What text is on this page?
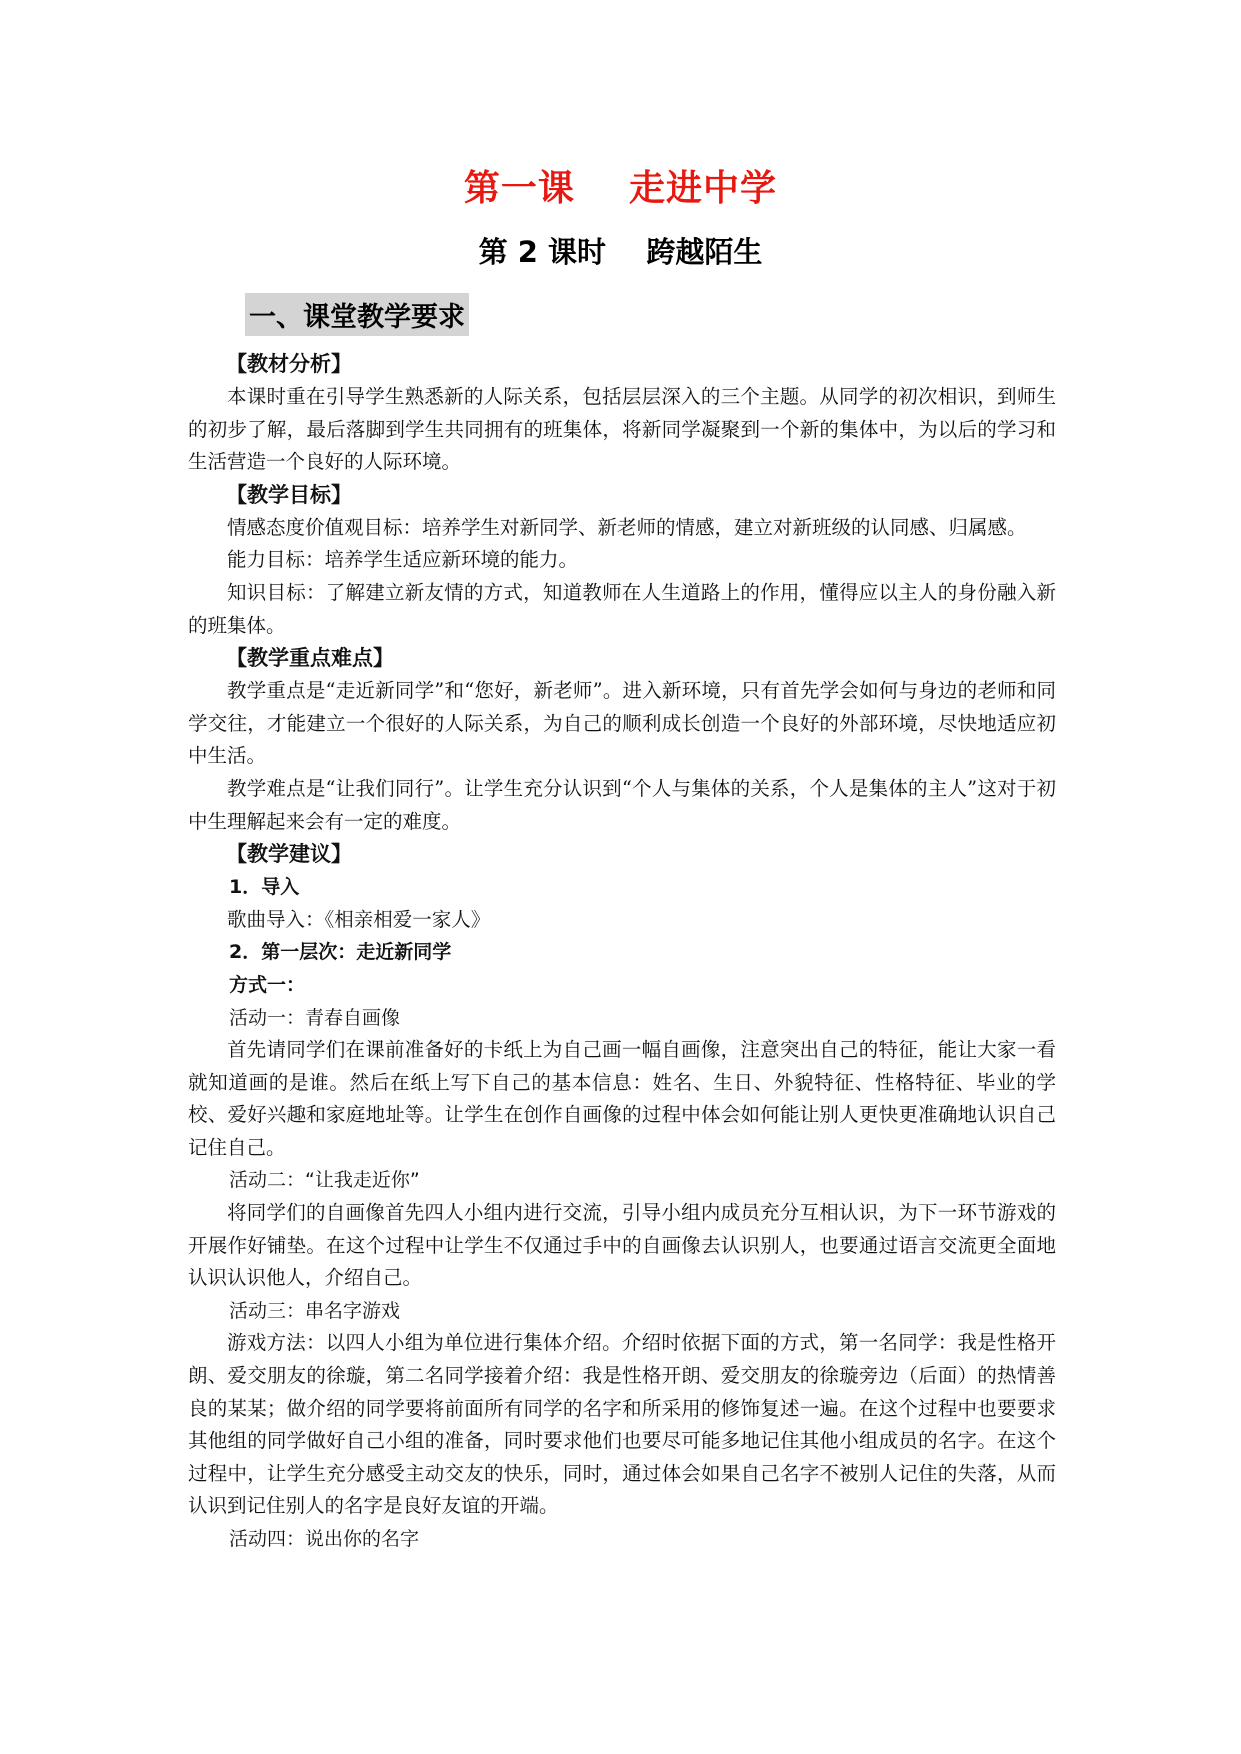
第一课    走进中学
第 2 课时    跨越陌生
一、课堂教学要求
【教材分析】
本课时重在引导学生熟悉新的人际关系，包括层层深入的三个主题。从同学的初次相识，到师生的初步了解，最后落脚到学生共同拥有的班集体，将新同学凝聚到一个新的集体中，为以后的学习和生活营造一个良好的人际环境。
【教学目标】
情感态度价值观目标：培养学生对新同学、新老师的情感，建立对新班级的认同感、归属感。
能力目标：培养学生适应新环境的能力。
知识目标：了解建立新友情的方式，知道教师在人生道路上的作用，懂得应以主人的身份融入新的班集体。
【教学重点难点】
教学重点是“走近新同学”和“您好，新老师”。进入新环境，只有首先学会如何与身边的老师和同学交往，才能建立一个很好的人际关系，为自己的顺利成长创造一个良好的外部环境，尽快地适应初中生活。
教学难点是“让我们同行”。让学生充分认识到“个人与集体的关系，个人是集体的主人”这对于初中生理解起来会有一定的难度。
【教学建议】
1．导入
歌曲导入：《相亲相爱一家人》
2．第一层次：走近新同学
方式一：
活动一：青春自画像
首先请同学们在课前准备好的卡纸上为自己画一幅自画像，注意突出自己的特征，能让大家一看就知道画的是谁。然后在纸上写下自己的基本信息：姓名、生日、外貌特征、性格特征、毕业的学校、爱好兴趣和家庭地址等。让学生在创作自画像的过程中体会如何能让别人更快更准确地认识自己记住自己。
活动二：“让我走近你”
将同学们的自画像首先四人小组内进行交流，引导小组内成员充分互相认识，为下一环节游戏的开展作好铺垫。在这个过程中让学生不仅通过手中的自画像去认识别人，也要通过语言交流更全面地认识认识他人，介绍自己。
活动三：串名字游戏
游戏方法：以四人小组为单位进行集体介绍。介绍时依据下面的方式，第一名同学：我是性格开朗、爱交朋友的徐璇，第二名同学接着介绍：我是性格开朗、爱交朋友的徐璇旁边（后面）的热情善良的某某；做介绍的同学要将前面所有同学的名字和所采用的修饰复述一遍。在这个过程中也要要求其他组的同学做好自己小组的准备，同时要求他们也要尽可能多地记住其他小组成员的名字。在这个过程中，让学生充分感受主动交友的快乐，同时，通过体会如果自己名字不被别人记住的失落，从而认识到记住别人的名字是良好友谊的开端。
活动四：说出你的名字
